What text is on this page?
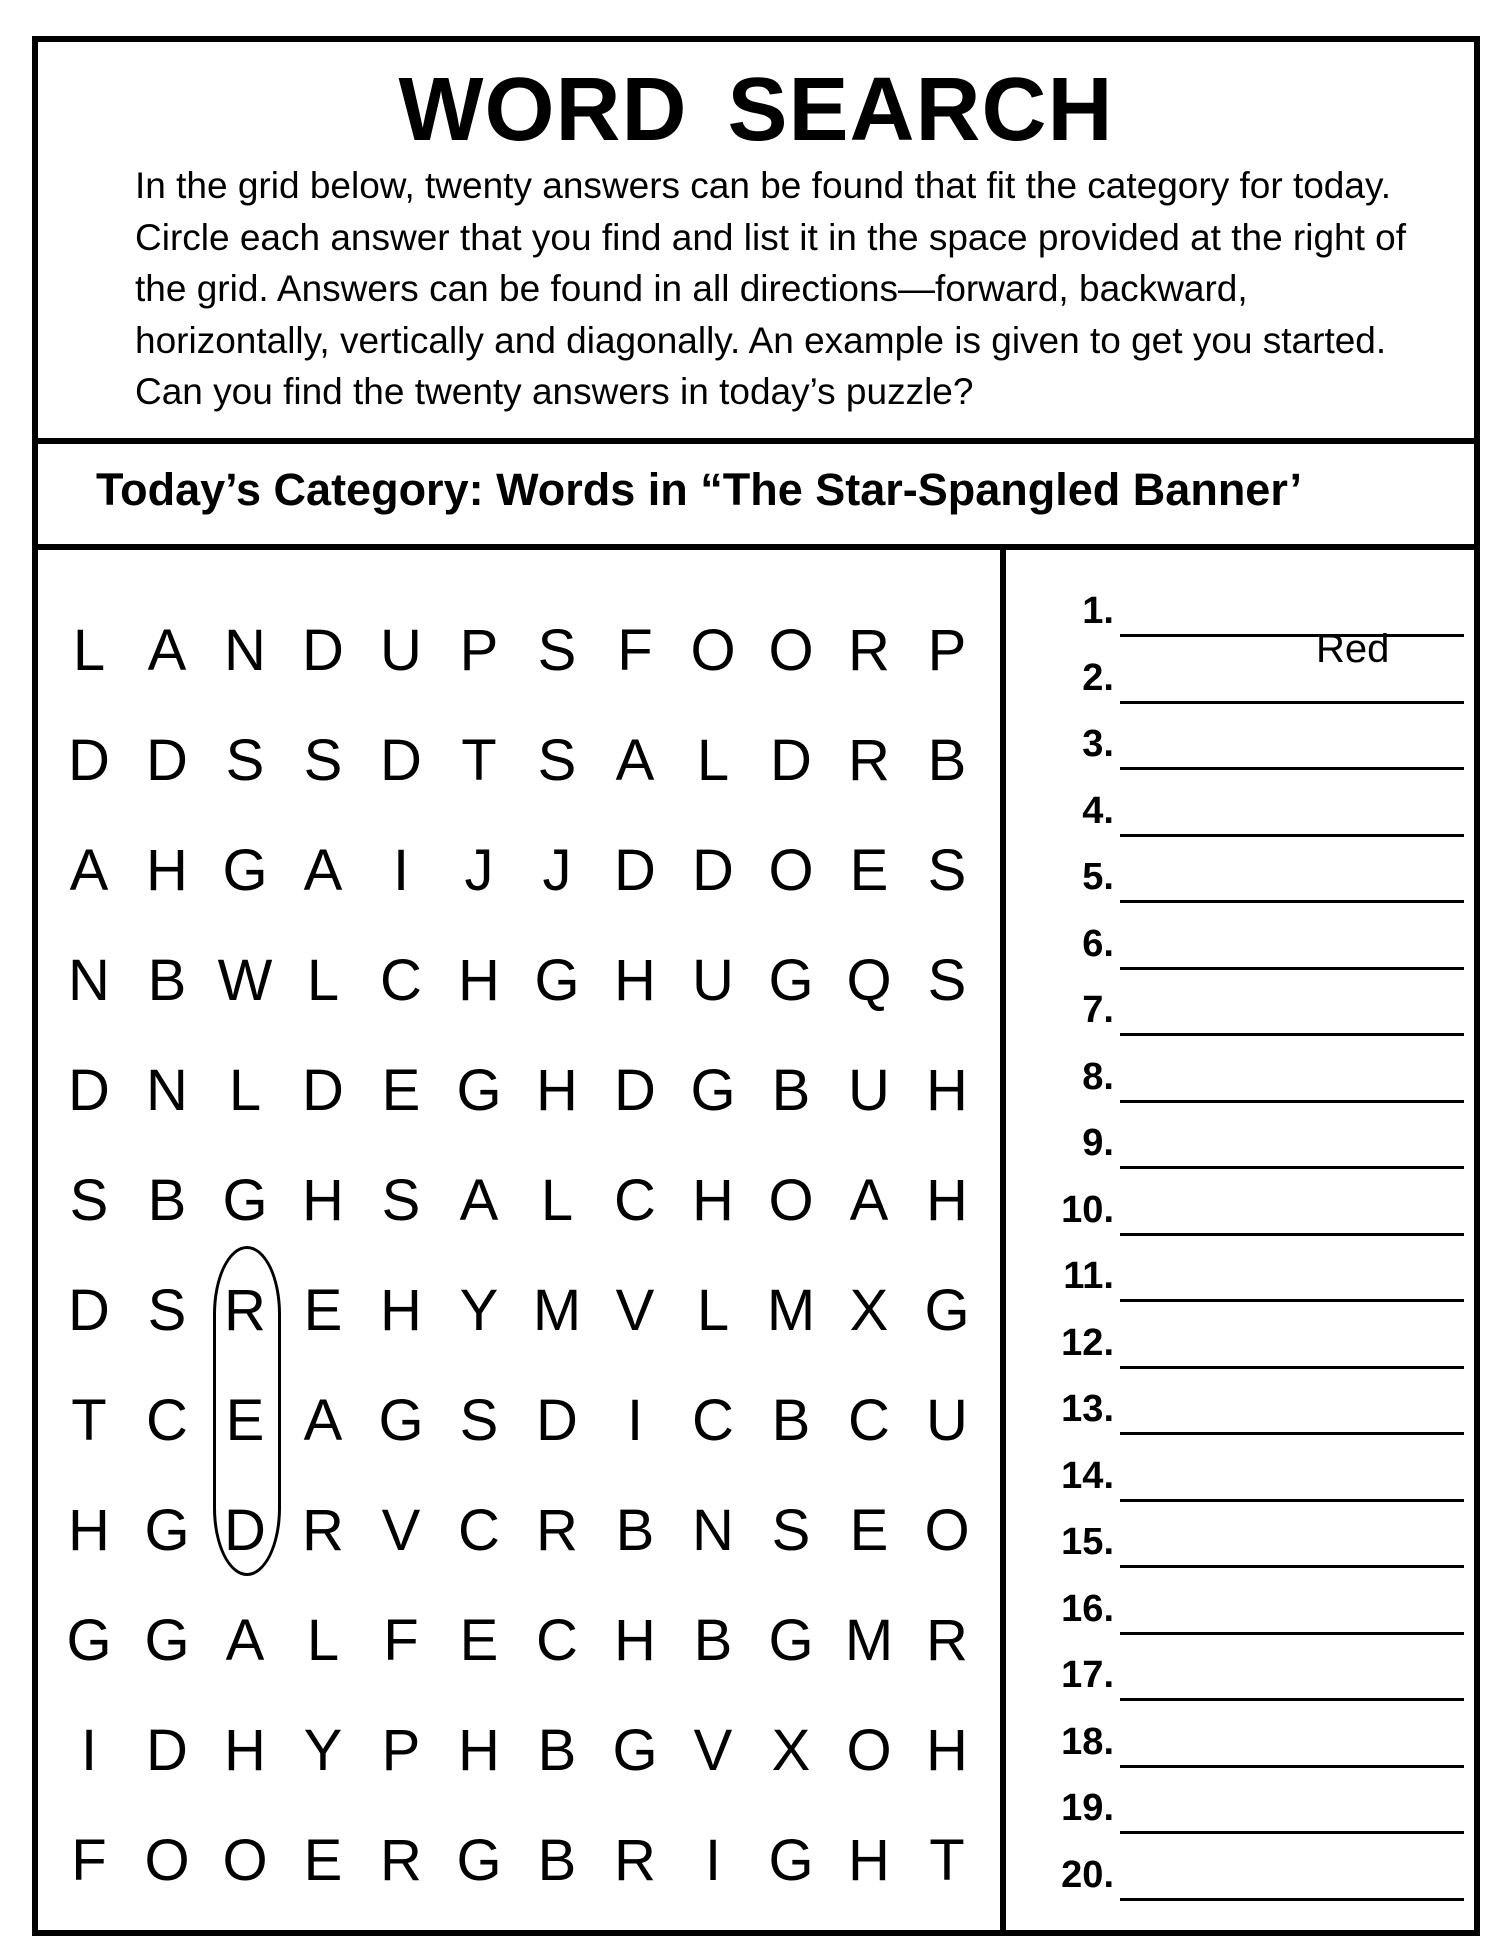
WORD SEARCH

In the grid below, twenty answers can be found that fit the category for today. Circle each answer that you find and list it in the space provided at the right of the grid. Answers can be found in all directions—forward, backward, horizontally, vertically and diagonally. An example is given to get you started. Can you find the twenty answers in today’s puzzle?

Today’s Category: Words in “The Star-Spangled Banner’
L A N D U P S F O O R P
D D S S D T S A L D R B
A H G A I J J D D O E S
N B W L C H G H U G Q S
D N L D E G H D G B U H
S B G H S A L C H O A H
D S R E H Y M V L M X G
T C E A G S D I C B C U
H G D R V C R B N S E O
G G A L F E C H B G M R
I D H Y P H B G V X O H
F O O E R G B R I G H T
1.
Red
2.
3.
4.
5.
6.
7.
8.
9.
10.
11.
12.
13.
14.
15.
16.
17.
18.
19.
20.
